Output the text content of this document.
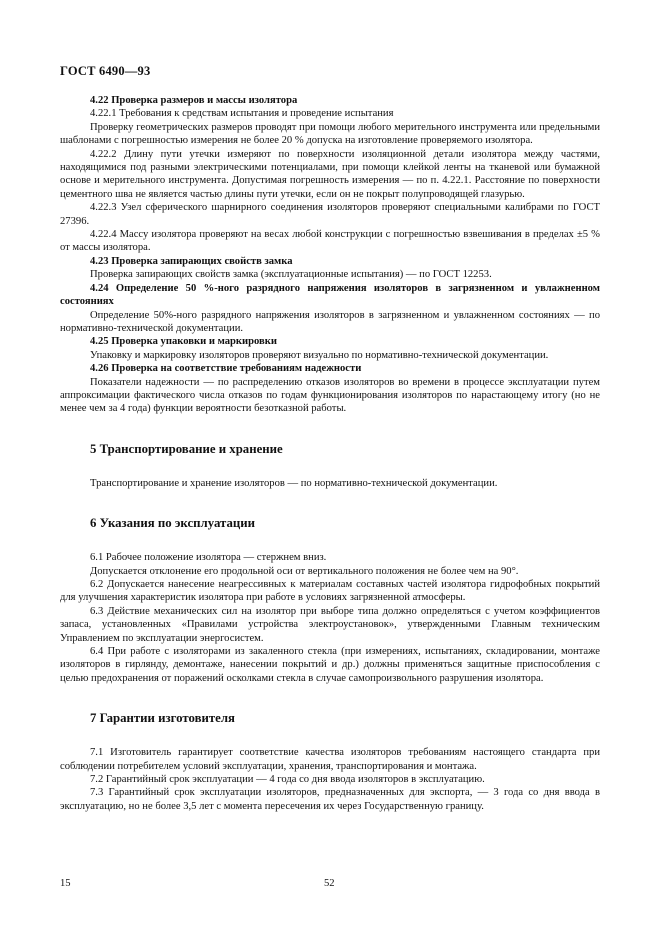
ГОСТ 6490—93

4.22 Проверка размеров и массы изолятора

4.22.1 Требования к средствам испытания и проведение испытания

Проверку геометрических размеров проводят при помощи любого мерительного инструмента или предельными шаблонами с погрешностью измерения не более 20 % допуска на изготовление проверяемого изолятора.

4.22.2 Длину пути утечки измеряют по поверхности изоляционной детали изолятора между частями, находящимися под разными электрическими потенциалами, при помощи клейкой ленты на тканевой или бумажной основе и мерительного инструмента. Допустимая погрешность измерения — по п. 4.22.1. Расстояние по поверхности цементного шва не является частью длины пути утечки, если он не покрыт полупроводящей глазурью.

4.22.3 Узел сферического шарнирного соединения изоляторов проверяют специальными калибрами по ГОСТ 27396.

4.22.4 Массу изолятора проверяют на весах любой конструкции с погрешностью взвешивания в пределах ±5 % от массы изолятора.

4.23 Проверка запирающих свойств замка

Проверка запирающих свойств замка (эксплуатационные испытания) — по ГОСТ 12253.

4.24 Определение 50 %-ного разрядного напряжения изоляторов в загрязненном и увлажненном состояниях

Определение 50%-ного разрядного напряжения изоляторов в загрязненном и увлажненном состояниях — по нормативно-технической документации.

4.25 Проверка упаковки и маркировки

Упаковку и маркировку изоляторов проверяют визуально по нормативно-технической документации.

4.26 Проверка на соответствие требованиям надежности

Показатели надежности — по распределению отказов изоляторов во времени в процессе эксплуатации путем аппроксимации фактического числа отказов по годам функционирования изоляторов по нарастающему итогу (но не менее чем за 4 года) функции вероятности безотказной работы.

5 Транспортирование и хранение

Транспортирование и хранение изоляторов — по нормативно-технической документации.

6 Указания по эксплуатации

6.1 Рабочее положение изолятора — стержнем вниз.

Допускается отклонение его продольной оси от вертикального положения не более чем на 90°.

6.2 Допускается нанесение неагрессивных к материалам составных частей изолятора гидрофобных покрытий для улучшения характеристик изолятора при работе в условиях загрязненной атмосферы.

6.3 Действие механических сил на изолятор при выборе типа должно определяться с учетом коэффициентов запаса, установленных «Правилами устройства электроустановок», утвержденными Главным техническим Управлением по эксплуатации энергосистем.

6.4 При работе с изоляторами из закаленного стекла (при измерениях, испытаниях, складировании, монтаже изоляторов в гирлянду, демонтаже, нанесении покрытий и др.) должны применяться защитные приспособления с целью предохранения от поражений осколками стекла в случае самопроизвольного разрушения изолятора.

7 Гарантии изготовителя

7.1 Изготовитель гарантирует соответствие качества изоляторов требованиям настоящего стандарта при соблюдении потребителем условий эксплуатации, хранения, транспортирования и монтажа.

7.2 Гарантийный срок эксплуатации — 4 года со дня ввода изоляторов в эксплуатацию.

7.3 Гарантийный срок эксплуатации изоляторов, предназначенных для экспорта, — 3 года со дня ввода в эксплуатацию, но не более 3,5 лет с момента пересечения их через Государственную границу.

15	52
